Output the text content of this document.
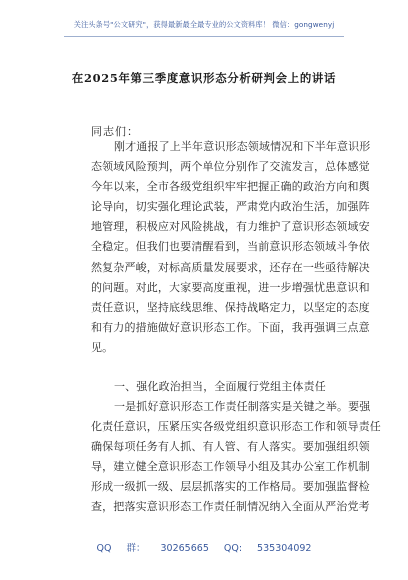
关注头条号"公文研究"，获得最新最全最专业的公文资料库！ 微信：gongwenyj
在2025年第三季度意识形态分析研判会上的讲话
同志们：
刚才通报了上半年意识形态领域情况和下半年意识形
态领域风险预判，两个单位分别作了交流发言，总体感觉
今年以来，全市各级党组织牢牢把握正确的政治方向和舆
论导向，切实强化理论武装，严肃党内政治生活，加强阵
地管理，积极应对风险挑战，有力维护了意识形态领域安
全稳定。但我们也要清醒看到，当前意识形态领域斗争依
然复杂严峻，对标高质量发展要求，还存在一些亟待解决
的问题。对此，大家要高度重视，进一步增强忧患意识和
责任意识，坚持底线思维、保持战略定力，以坚定的态度
和有力的措施做好意识形态工作。下面，我再强调三点意
见。
一、强化政治担当，全面履行党组主体责任
一是抓好意识形态工作责任制落实是关键之举。要强
化责任意识，压紧压实各级党组织意识形态工作和领导责任
确保每项任务有人抓、有人管、有人落实。要加强组织领
导，建立健全意识形态工作领导小组及其办公室工作机制
形成一级抓一级、层层抓落实的工作格局。要加强监督检
查，把落实意识形态工作责任制情况纳入全面从严治党考
QQ 群： 30265665 QQ: 535304092
